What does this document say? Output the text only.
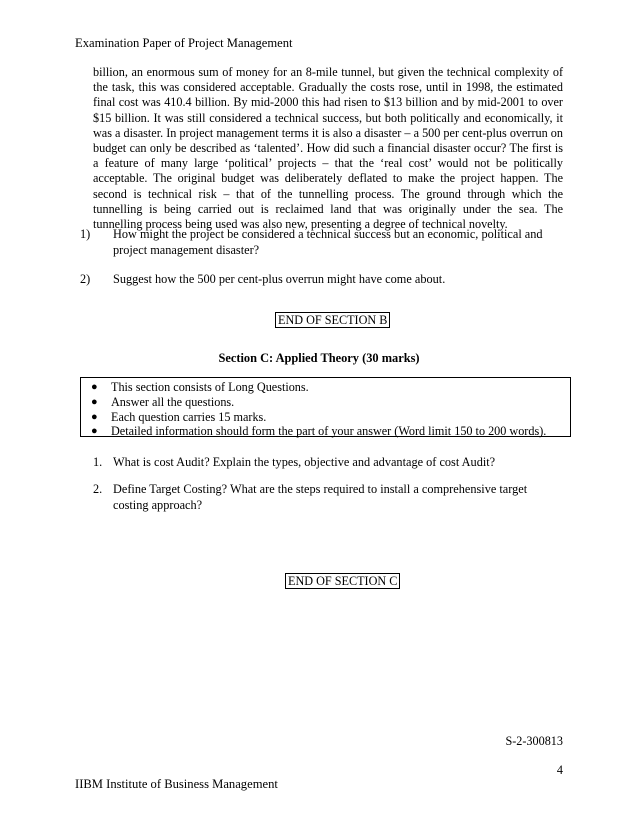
Examination Paper of Project Management
billion, an enormous sum of money for an 8-mile tunnel, but given the technical complexity of the task, this was considered acceptable. Gradually the costs rose, until in 1998, the estimated final cost was 410.4 billion. By mid-2000 this had risen to $13 billion and by mid-2001 to over $15 billion. It was still considered a technical success, but both politically and economically, it was a disaster. In project management terms it is also a disaster – a 500 per cent-plus overrun on budget can only be described as ‘talented’. How did such a financial disaster occur? The first is a feature of many large ‘political’ projects – that the ‘real cost’ would not be politically acceptable. The original budget was deliberately deflated to make the project happen. The second is technical risk – that of the tunnelling process. The ground through which the tunnelling is being carried out is reclaimed land that was originally under the sea. The tunnelling process being used was also new, presenting a degree of technical novelty.
1) How might the project be considered a technical success but an economic, political and project management disaster?
2) Suggest how the 500 per cent-plus overrun might have come about.
END OF SECTION B
Section C: Applied Theory (30 marks)
● This section consists of Long Questions.
● Answer all the questions.
● Each question carries 15 marks.
● Detailed information should form the part of your answer (Word limit 150 to 200 words).
1. What is cost Audit? Explain the types, objective and advantage of cost Audit?
2. Define Target Costing? What are the steps required to install a comprehensive target costing approach?
END OF SECTION C
S-2-300813
4
IIBM Institute of Business Management
